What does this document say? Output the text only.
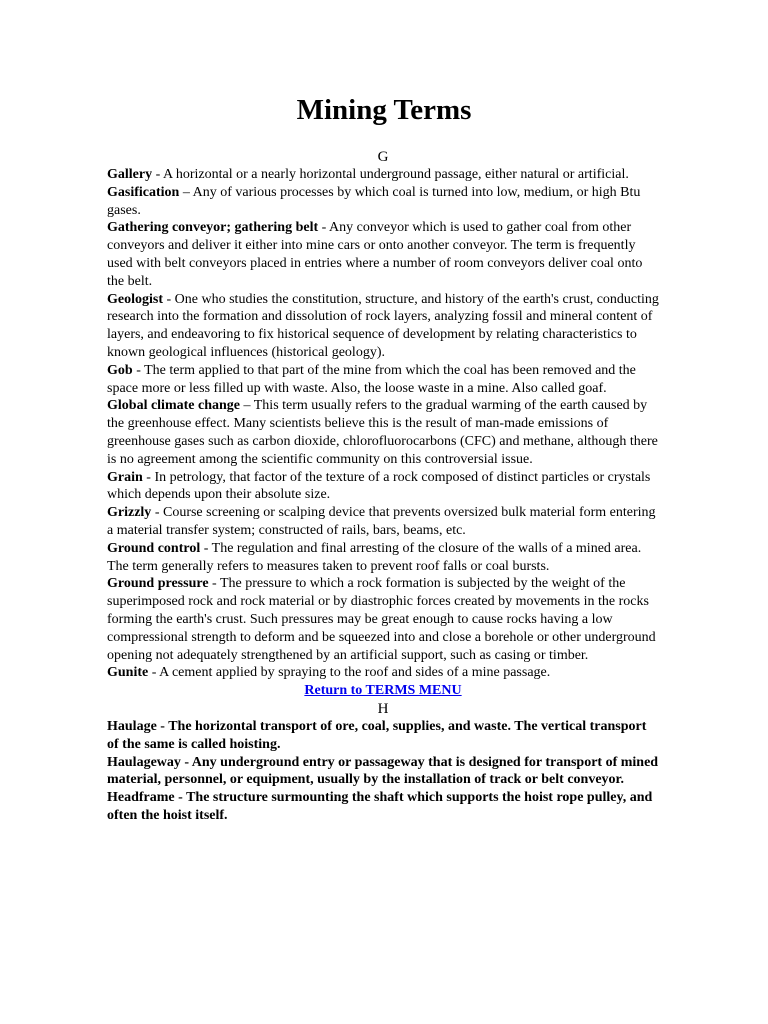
Mining Terms

G

Gallery - A horizontal or a nearly horizontal underground passage, either natural or artificial.

Gasification – Any of various processes by which coal is turned into low, medium, or high Btu gases.

Gathering conveyor; gathering belt - Any conveyor which is used to gather coal from other conveyors and deliver it either into mine cars or onto another conveyor. The term is frequently used with belt conveyors placed in entries where a number of room conveyors deliver coal onto the belt.

Geologist - One who studies the constitution, structure, and history of the earth's crust, conducting research into the formation and dissolution of rock layers, analyzing fossil and mineral content of layers, and endeavoring to fix historical sequence of development by relating characteristics to known geological influences (historical geology).

Gob - The term applied to that part of the mine from which the coal has been removed and the space more or less filled up with waste. Also, the loose waste in a mine. Also called goaf.

Global climate change – This term usually refers to the gradual warming of the earth caused by the greenhouse effect. Many scientists believe this is the result of man-made emissions of greenhouse gases such as carbon dioxide, chlorofluorocarbons (CFC) and methane, although there is no agreement among the scientific community on this controversial issue.

Grain - In petrology, that factor of the texture of a rock composed of distinct particles or crystals which depends upon their absolute size.

Grizzly - Course screening or scalping device that prevents oversized bulk material form entering a material transfer system; constructed of rails, bars, beams, etc.

Ground control - The regulation and final arresting of the closure of the walls of a mined area. The term generally refers to measures taken to prevent roof falls or coal bursts.

Ground pressure - The pressure to which a rock formation is subjected by the weight of the superimposed rock and rock material or by diastrophic forces created by movements in the rocks forming the earth's crust. Such pressures may be great enough to cause rocks having a low compressional strength to deform and be squeezed into and close a borehole or other underground opening not adequately strengthened by an artificial support, such as casing or timber.

Gunite - A cement applied by spraying to the roof and sides of a mine passage.

Return to TERMS MENU

H

Haulage - The horizontal transport of ore, coal, supplies, and waste. The vertical transport of the same is called hoisting.

Haulageway - Any underground entry or passageway that is designed for transport of mined material, personnel, or equipment, usually by the installation of track or belt conveyor.

Headframe - The structure surmounting the shaft which supports the hoist rope pulley, and often the hoist itself.
